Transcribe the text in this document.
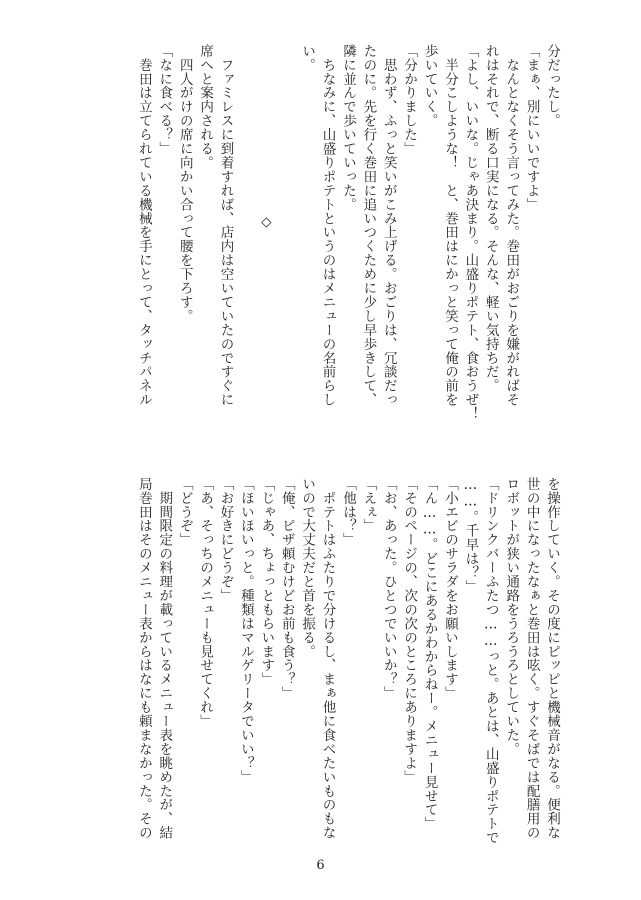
分だったし。
「まぁ、別にいいですよ」
　なんとなくそう言ってみた。巻田がおごりを嫌がればそ
れはそれで、断る口実になる。そんな、軽い気持ちだ。
「よし、いいな。じゃあ決まり。山盛りポテト、食おうぜ！
　半分こしような！　と、巻田はにかっと笑って俺の前を
歩いていく。
「分かりました」
　思わず、ふっと笑いがこみ上げる。おごりは、冗談だっ
たのに。先を行く巻田に追いつくために少し早歩きして、
隣に並んで歩いていった。
　ちなみに、山盛りポテトというのはメニューの名前らし
い。

◇

　ファミレスに到着すれば、店内は空いていたのですぐに
席へと案内される。
　四人がけの席に向かい合って腰を下ろす。
「なに食べる？」
　巻田は立てられている機械を手にとって、タッチパネル
を操作していく。その度にピッピと機械音がなる。便利な
世の中になったなぁと巻田は呟く。すぐそばでは配膳用の
ロボットが狭い通路をうろうろとしていた。
「ドリンクバーふたつ……っと。あとは、山盛りポテトで
……。千早は？」
「小エビのサラダをお願いします」
「ん……。どこにあるかわからねー。メニュー見せて」
「そのページの、次の次のところにありますよ」
「お、あった。ひとつでいいか？」
「えぇ」
「他は？」
　ポテトはふたりで分けるし、まぁ他に食べたいものもな
いので大丈夫だと首を振る。
「俺、ピザ頼むけどお前も食う？」
「じゃあ、ちょっともらいます」
「ほいほいっと。種類はマルゲリータでいい？」
「お好きにどうぞ」
「あ、そっちのメニューも見せてくれ」
「どうぞ」
　期間限定の料理が載っているメニュー表を眺めたが、結
局巻田はそのメニュー表からはなにも頼まなかった。その
6
